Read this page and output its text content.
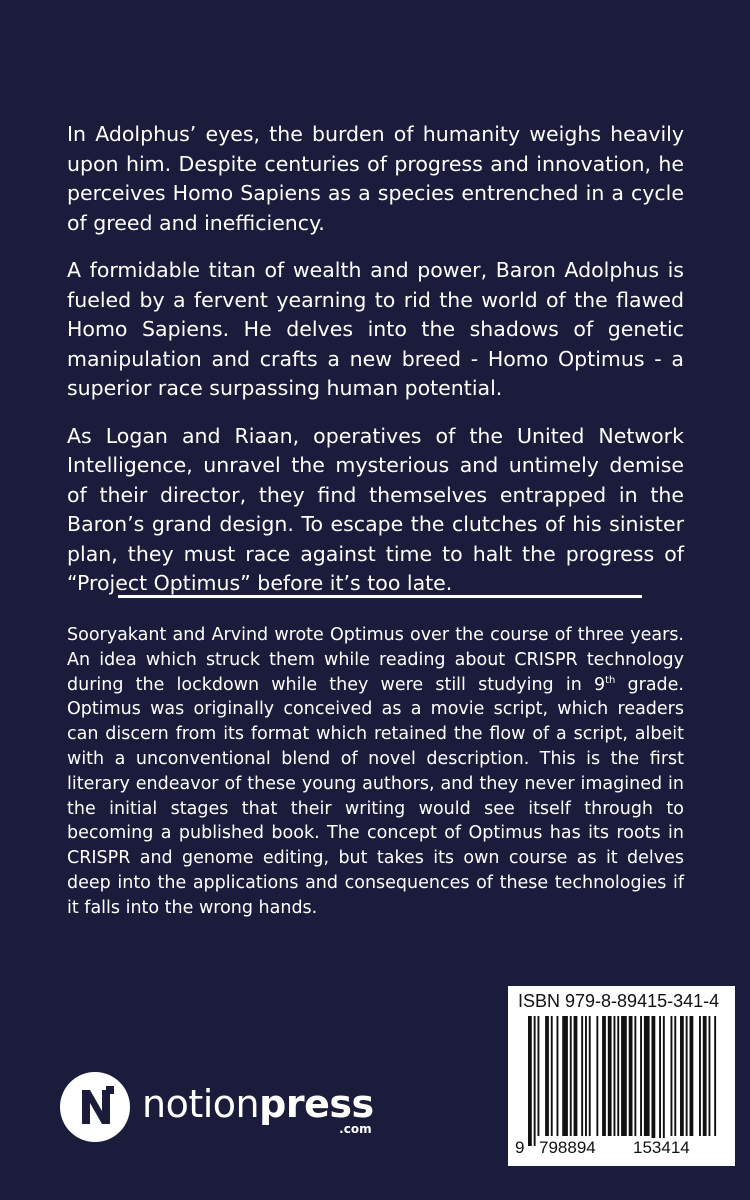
In Adolphus’ eyes, the burden of humanity weighs heavily upon him. Despite centuries of progress and innovation, he perceives Homo Sapiens as a species entrenched in a cycle of greed and inefficiency.

A formidable titan of wealth and power, Baron Adolphus is fueled by a fervent yearning to rid the world of the flawed Homo Sapiens. He delves into the shadows of genetic manipulation and crafts a new breed - Homo Optimus - a superior race surpassing human potential.

As Logan and Riaan, operatives of the United Network Intelligence, unravel the mysterious and untimely demise of their director, they find themselves entrapped in the Baron’s grand design. To escape the clutches of his sinister plan, they must race against time to halt the progress of “Project Optimus” before it’s too late.

Sooryakant and Arvind wrote Optimus over the course of three years. An idea which struck them while reading about CRISPR technology during the lockdown while they were still studying in 9th grade. Optimus was originally conceived as a movie script, which readers can discern from its format which retained the flow of a script, albeit with a unconventional blend of novel description. This is the first literary endeavor of these young authors, and they never imagined in the initial stages that their writing would see itself through to becoming a published book. The concept of Optimus has its roots in CRISPR and genome editing, but takes its own course as it delves deep into the applications and consequences of these technologies if it falls into the wrong hands.
notionpress
.com
ISBN 979-8-89415-341-4
9 798894 153414
